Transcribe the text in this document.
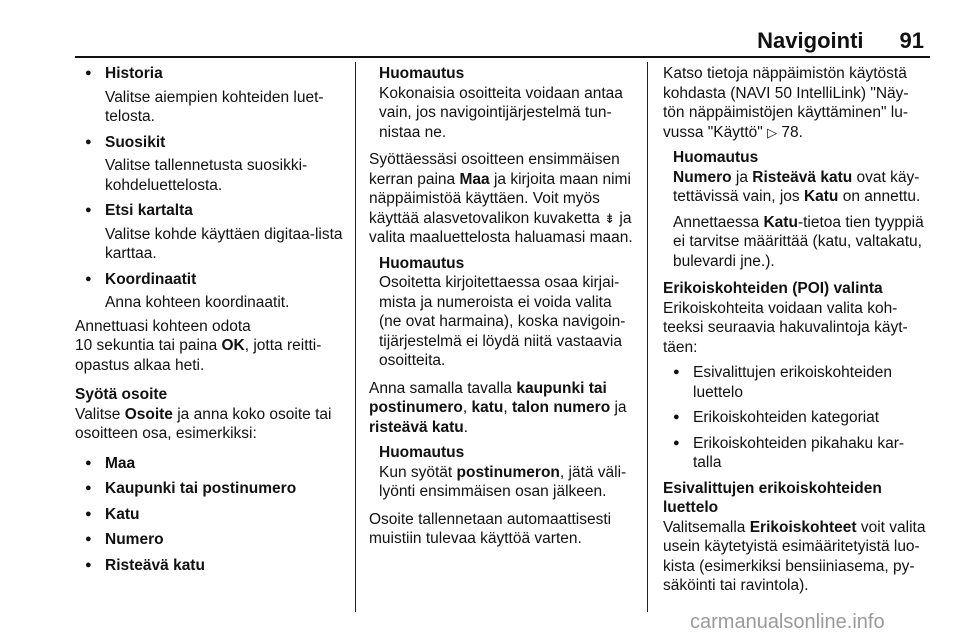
Navigointi 91
● Historia
Valitse aiempien kohteiden luet-telosta.
● Suosikit
Valitse tallennetusta suosikki-kohdeluettelosta.
● Etsi kartalta
Valitse kohde käyttäen digitaa-lista karttaa.
● Koordinaatit
Anna kohteen koordinaatit.

Annettuasi kohteen odota
10 sekuntia tai paina OK, jotta reitti-opastus alkaa heti.

Syötä osoite
Valitse Osoite ja anna koko osoite tai osoitteen osa, esimerkiksi:

● Maa
● Kaupunki tai postinumero
● Katu
● Numero
● Risteävä katu
Huomautus
Kokonaisia osoitteita voidaan antaa vain, jos navigointijärjestelmä tun-nistaa ne.

Syöttäessäsi osoitteen ensimmäisen kerran paina Maa ja kirjoita maan nimi näppäimistöä käyttäen. Voit myös käyttää alasvetovalikon kuvaketta ⇟ ja valita maaluettelosta haluamasi maan.

Huomautus
Osoitetta kirjoitettaessa osaa kirjai-mista ja numeroista ei voida valita (ne ovat harmaina), koska navigoin-tijärjestelmä ei löydä niitä vastaavia osoitteita.

Anna samalla tavalla kaupunki tai postinumero, katu, talon numero ja risteävä katu.

Huomautus
Kun syötät postinumeron, jätä väli-lyönti ensimmäisen osan jälkeen.

Osoite tallennetaan automaattisesti muistiin tulevaa käyttöä varten.

Katso tietoja näppäimistön käytöstä kohdasta (NAVI 50 IntelliLink) "Näy-tön näppäimistöjen käyttäminen" lu-vussa "Käyttö" ▷ 78.

Huomautus
Numero ja Risteävä katu ovat käy-tettävissä vain, jos Katu on annettu.
Annettaessa Katu-tietoa tien tyyppiä ei tarvitse määrittää (katu, valtakatu, bulevardi jne.).

Erikoiskohteiden (POI) valinta
Erikoiskohteita voidaan valita koh-teeksi seuraavia hakuvalintoja käyt-täen:

● Esivalittujen erikoiskohteiden luettelo
● Erikoiskohteiden kategoriat
● Erikoiskohteiden pikahaku kar-talla

Esivalittujen erikoiskohteiden luettelo
Valitsemalla Erikoiskohteet voit valita usein käytetyistä esimääritetyistä luo-kista (esimerkiksi bensiiniasema, py-säköinti tai ravintola).

carmanualsonline.info
